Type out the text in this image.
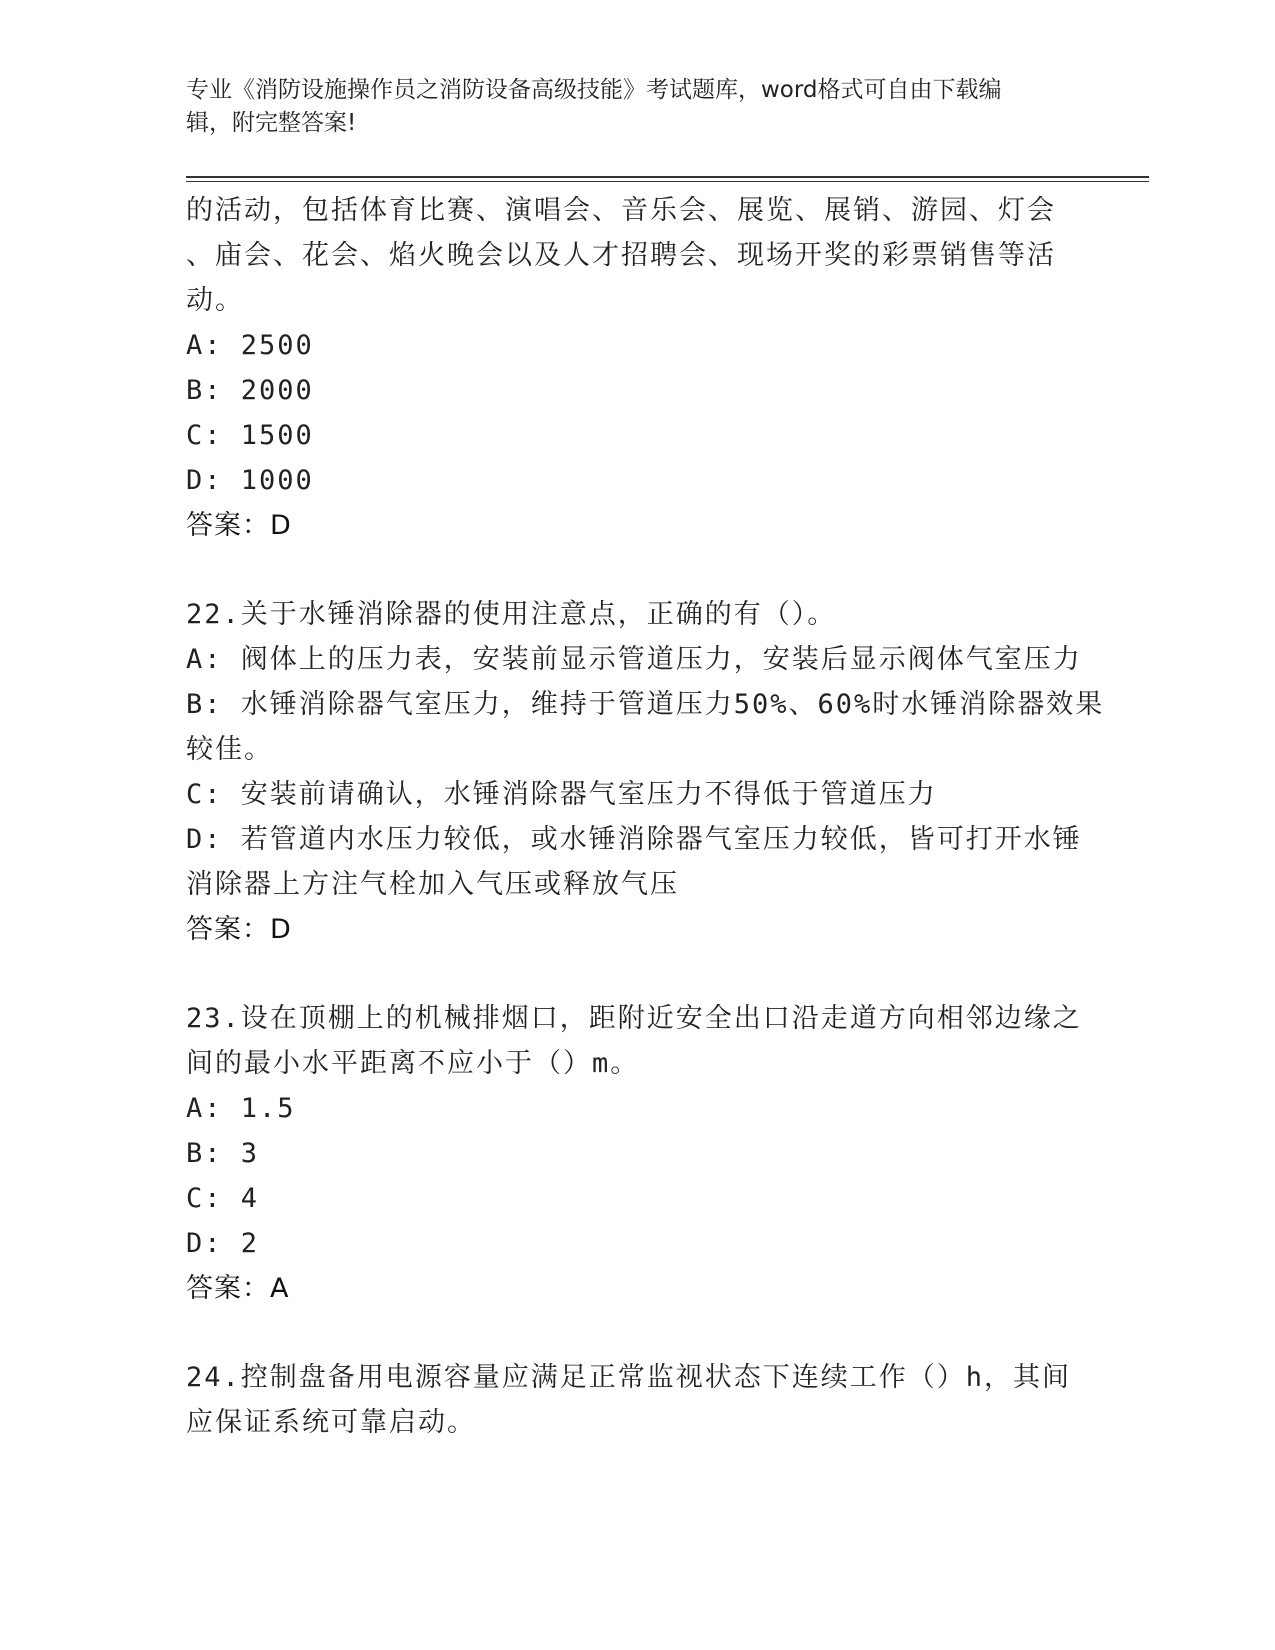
专业《消防设施操作员之消防设备高级技能》考试题库，word格式可自由下载编
辑，附完整答案!
的活动，包括体育比赛、演唱会、音乐会、展览、展销、游园、灯会
、庙会、花会、焰火晚会以及人才招聘会、现场开奖的彩票销售等活
动。
A: 2500
B: 2000
C: 1500
D: 1000
答案：D
22.关于水锤消除器的使用注意点，正确的有（）。
A: 阀体上的压力表，安装前显示管道压力，安装后显示阀体气室压力
B: 水锤消除器气室压力，维持于管道压力50%、60%时水锤消除器效果
较佳。
C: 安装前请确认，水锤消除器气室压力不得低于管道压力
D: 若管道内水压力较低，或水锤消除器气室压力较低，皆可打开水锤
消除器上方注气栓加入气压或释放气压
答案：D
23.设在顶棚上的机械排烟口，距附近安全出口沿走道方向相邻边缘之
间的最小水平距离不应小于（）m。
A: 1.5
B: 3
C: 4
D: 2
答案：A
24.控制盘备用电源容量应满足正常监视状态下连续工作（）h，其间
应保证系统可靠启动。
